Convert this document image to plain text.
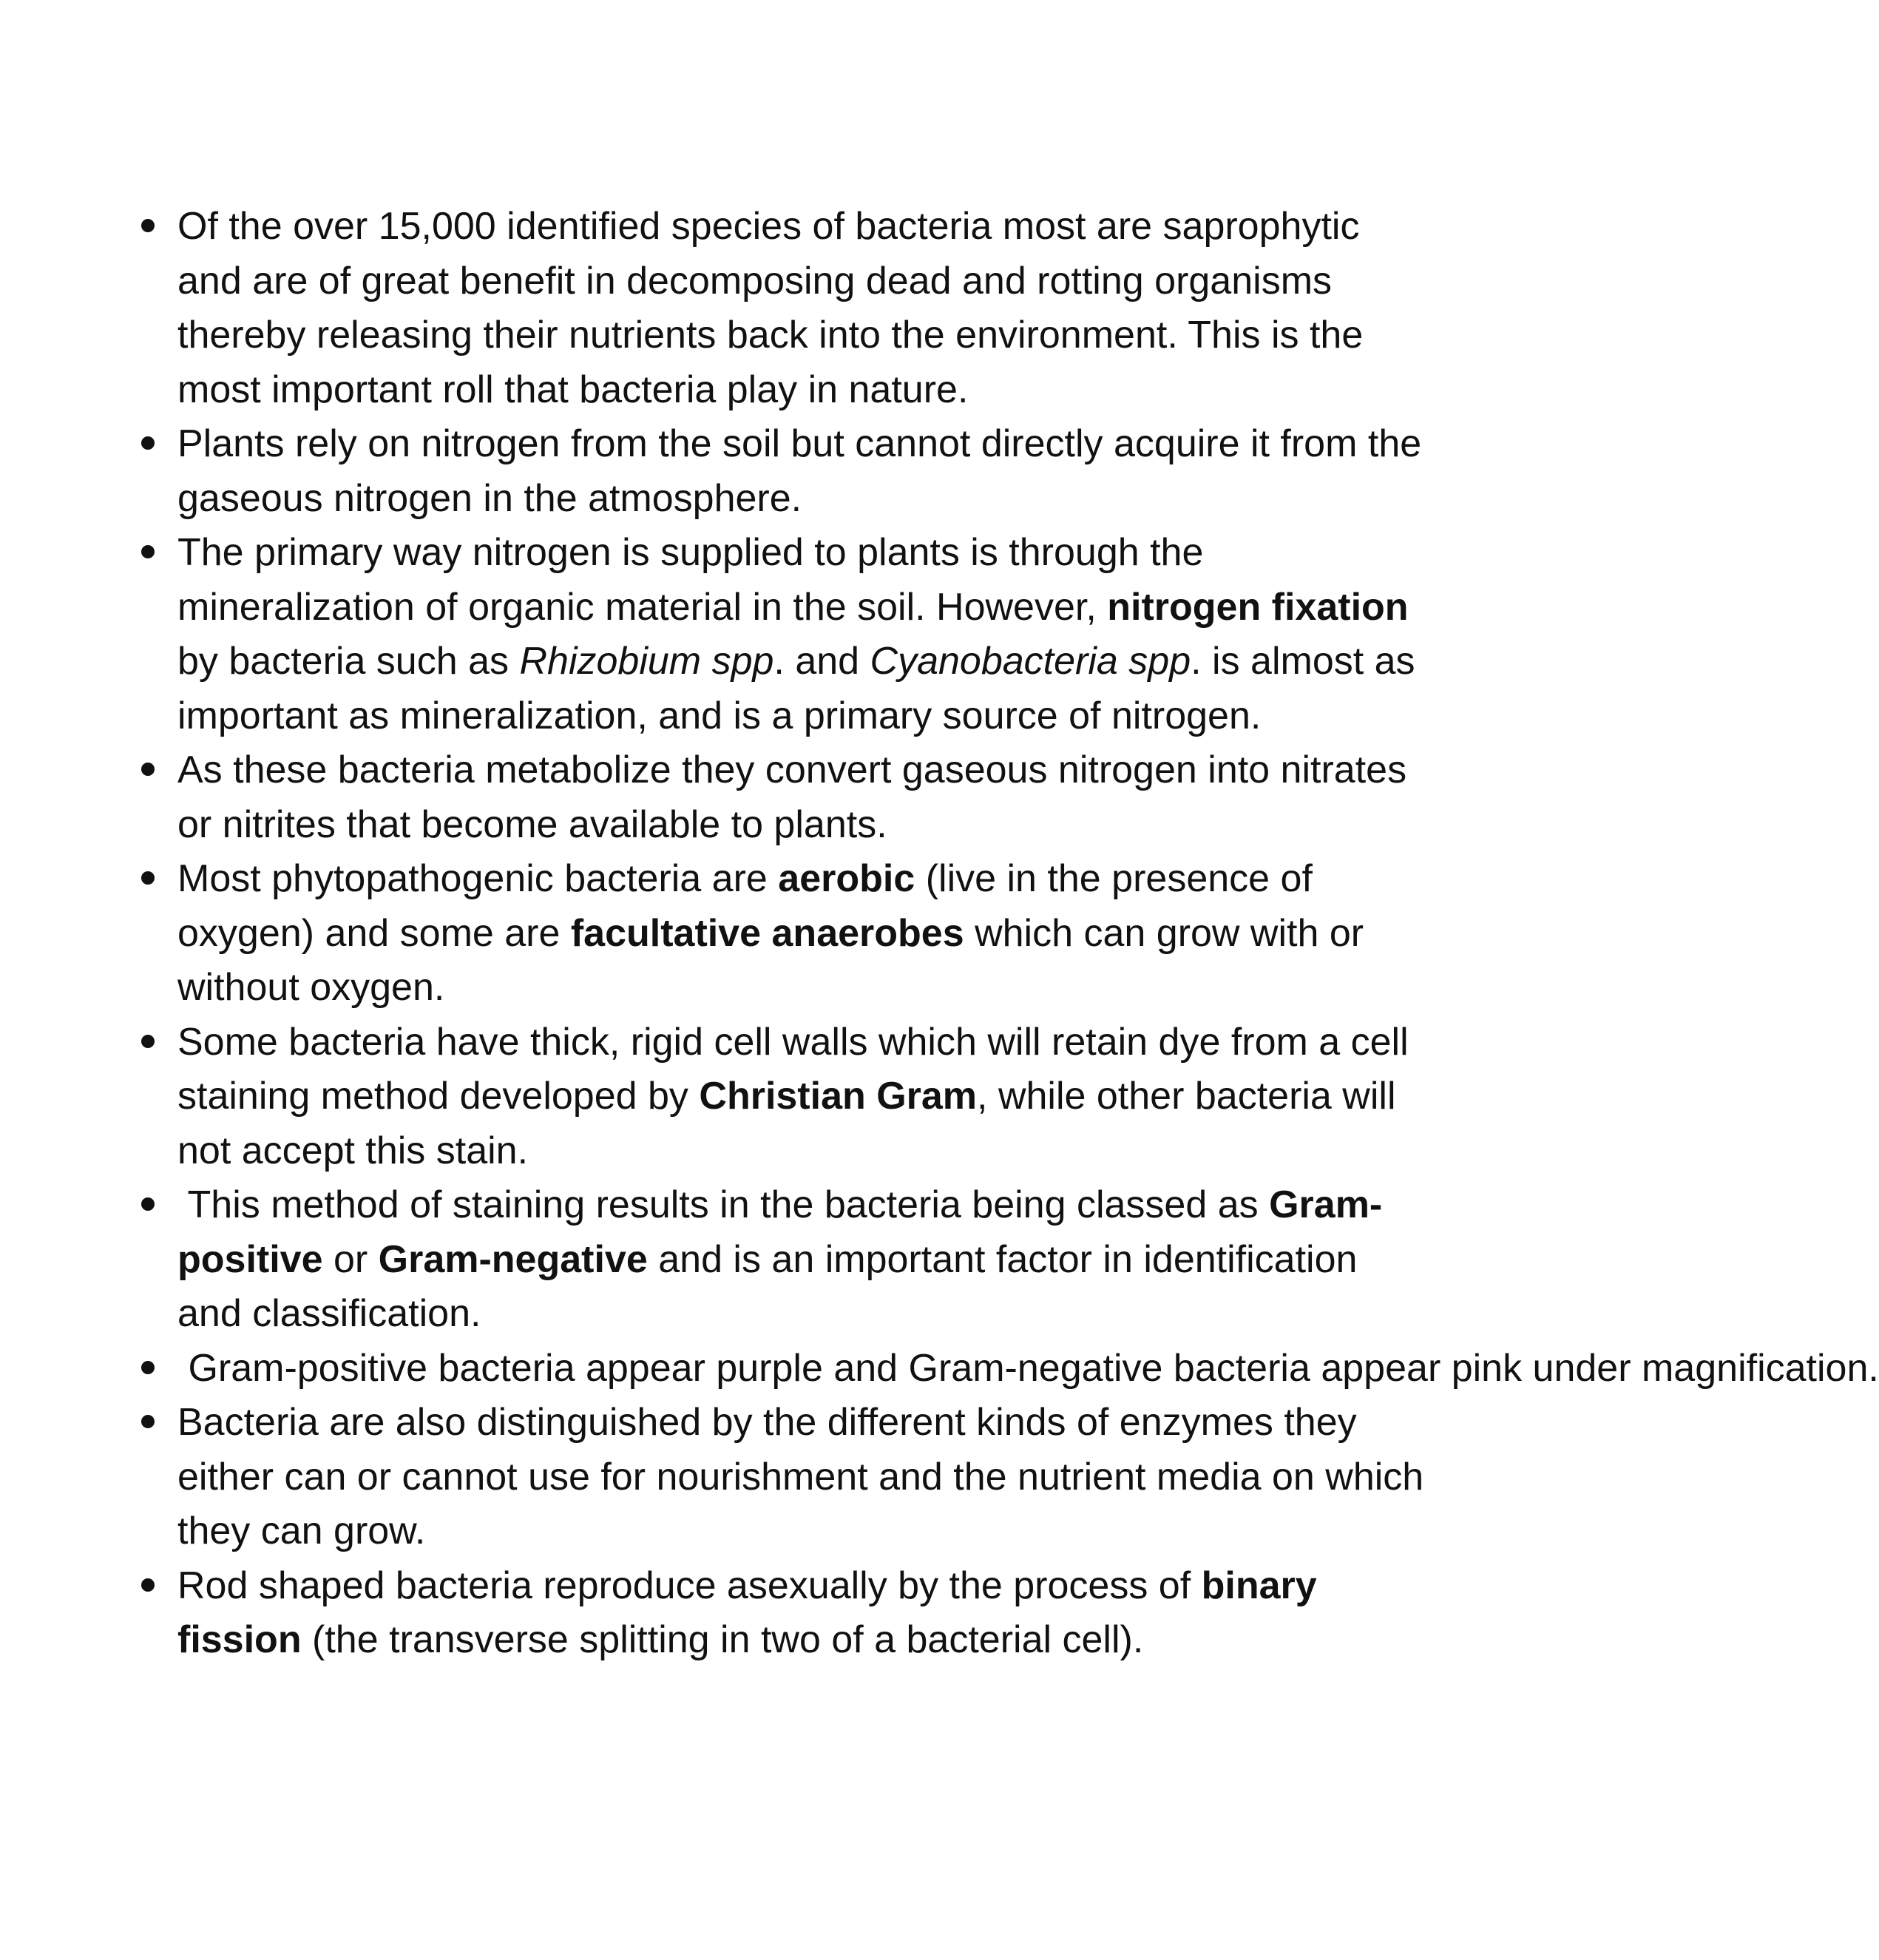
Of the over 15,000 identified species of bacteria most are saprophytic and are of great benefit in decomposing dead and rotting organisms thereby releasing their nutrients back into the environment. This is the most important roll that bacteria play in nature.
Plants rely on nitrogen from the soil but cannot directly acquire it from the gaseous nitrogen in the atmosphere.
The primary way nitrogen is supplied to plants is through the mineralization of organic material in the soil. However, nitrogen fixation by bacteria such as Rhizobium spp. and Cyanobacteria spp. is almost as important as mineralization, and is a primary source of nitrogen.
As these bacteria metabolize they convert gaseous nitrogen into nitrates or nitrites that become available to plants.
Most phytopathogenic bacteria are aerobic (live in the presence of oxygen) and some are facultative anaerobes which can grow with or without oxygen.
Some bacteria have thick, rigid cell walls which will retain dye from a cell staining method developed by Christian Gram, while other bacteria will not accept this stain.
This method of staining results in the bacteria being classed as Gram-positive or Gram-negative and is an important factor in identification and classification.
Gram-positive bacteria appear purple and Gram-negative bacteria appear pink under magnification.
Bacteria are also distinguished by the different kinds of enzymes they either can or cannot use for nourishment and the nutrient media on which they can grow.
Rod shaped bacteria reproduce asexually by the process of binary fission (the transverse splitting in two of a bacterial cell).
